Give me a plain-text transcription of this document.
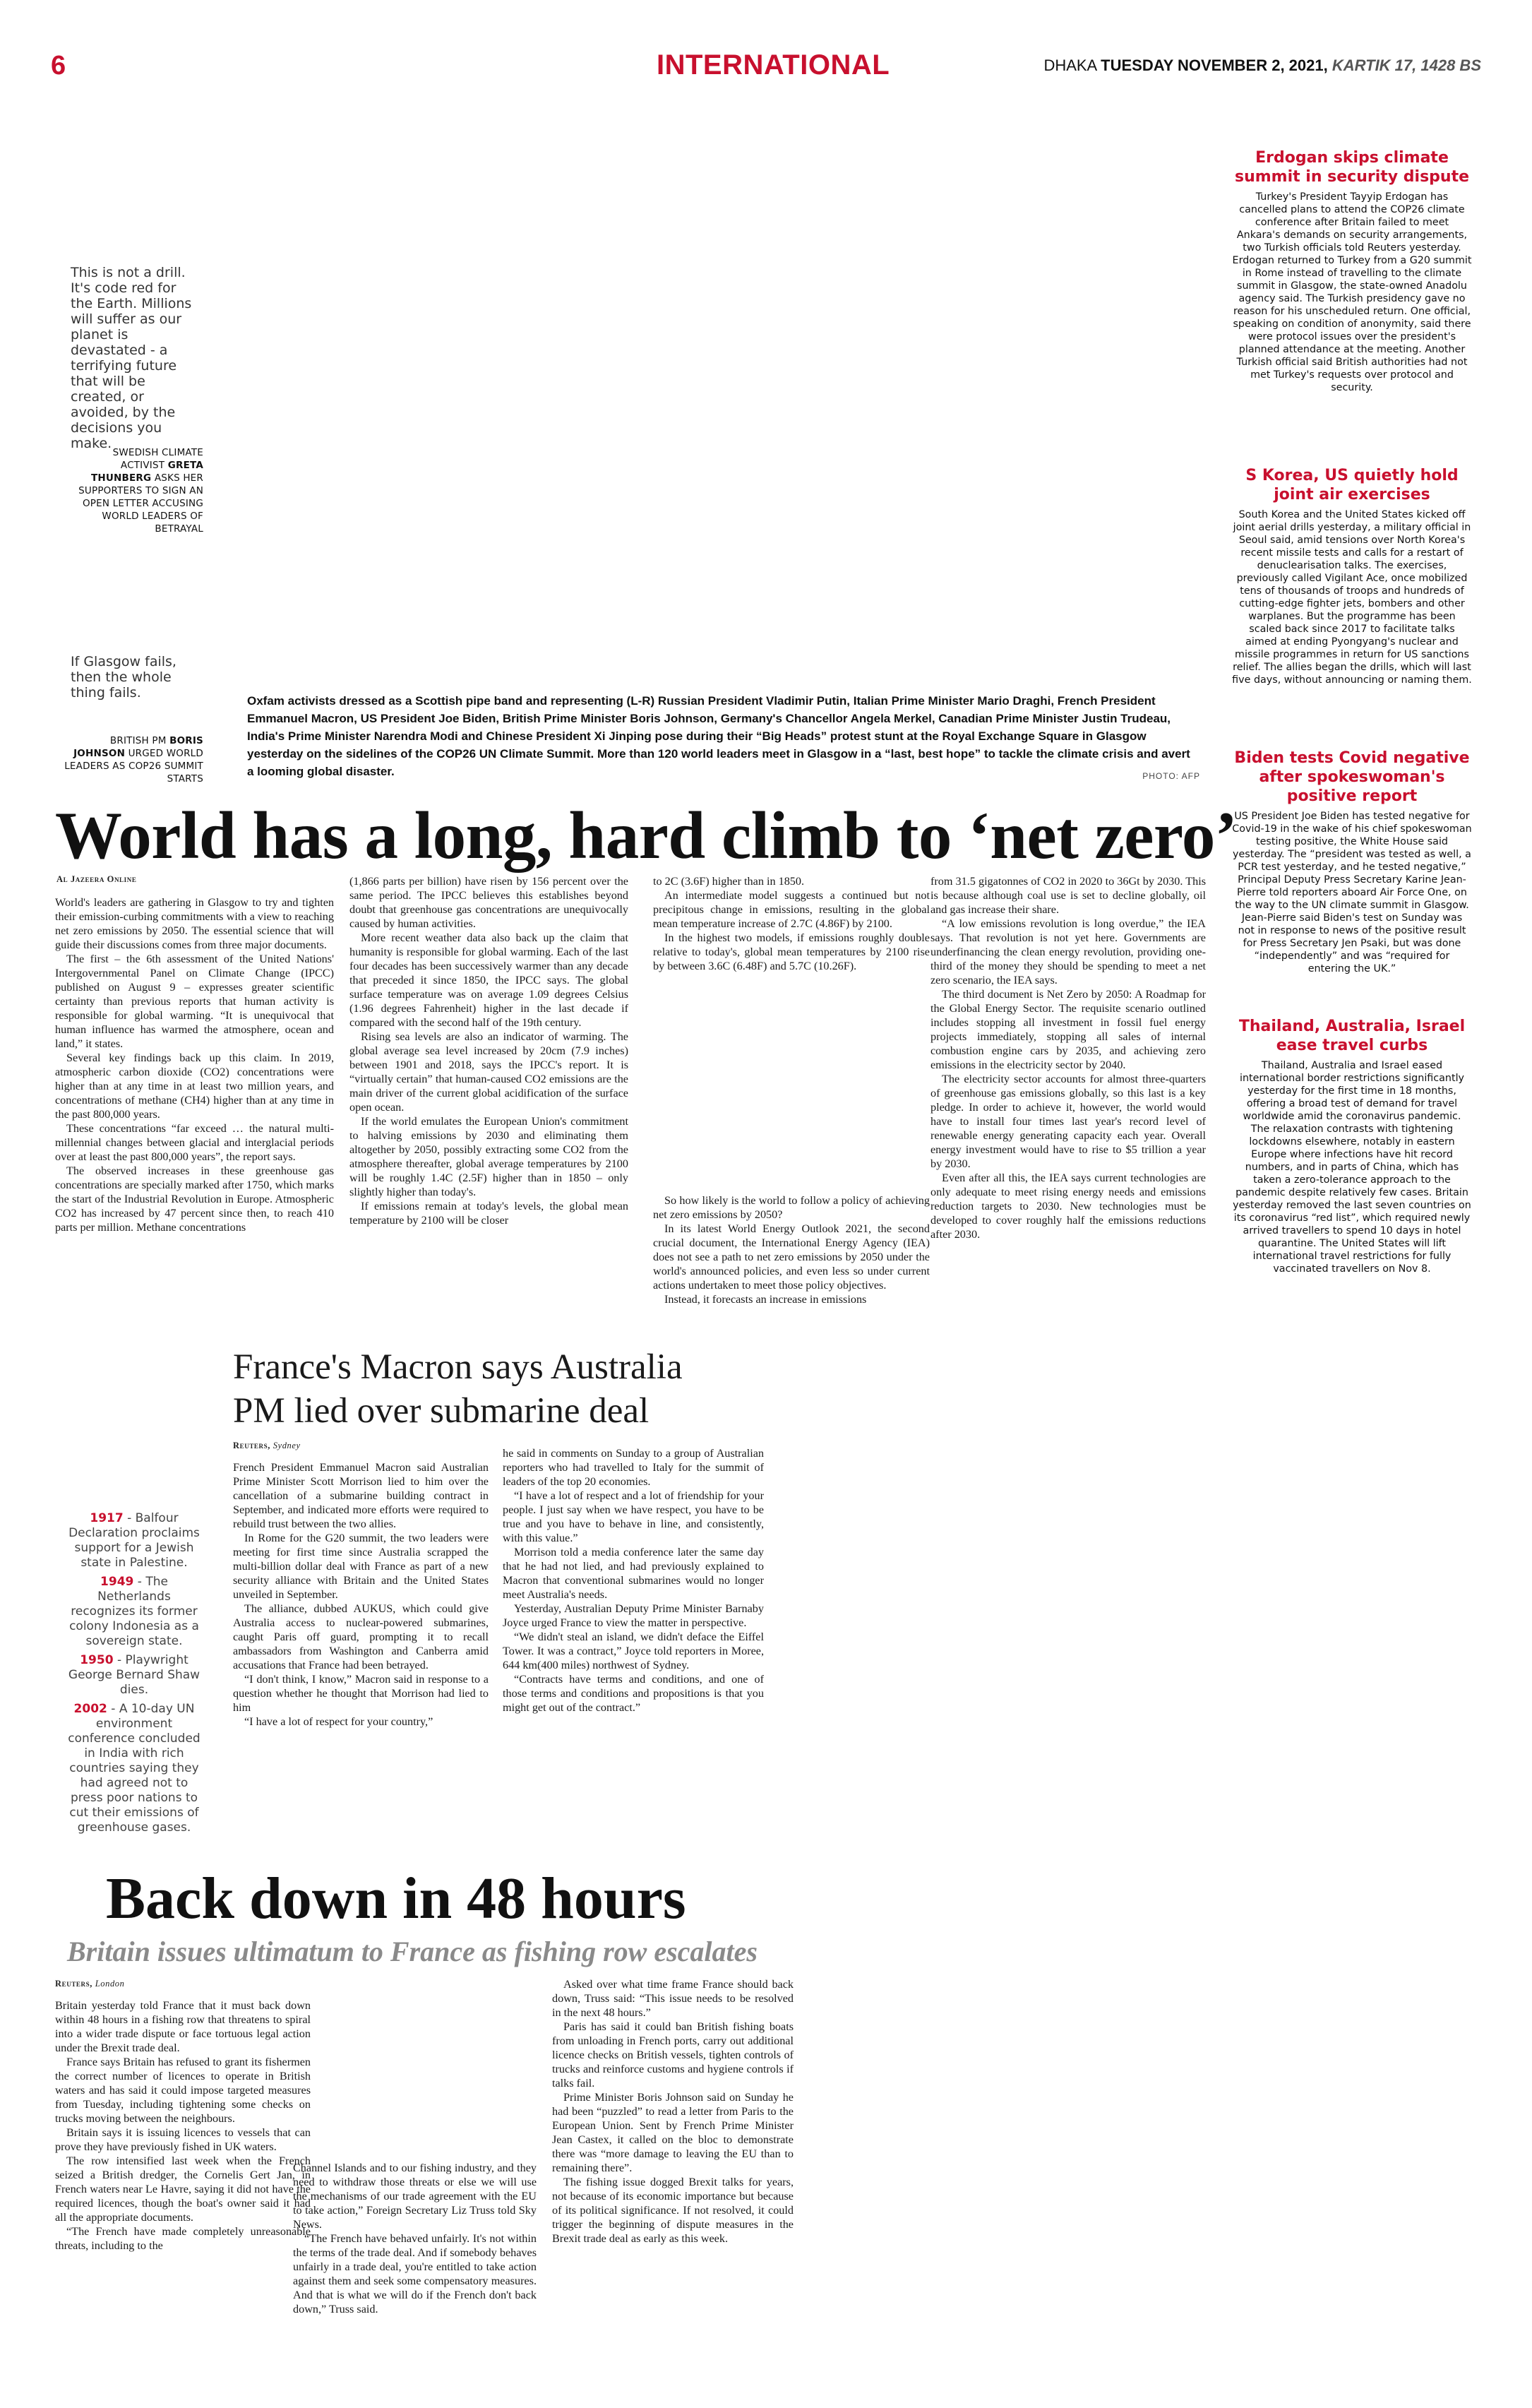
6	INTERNATIONAL	DHAKA TUESDAY NOVEMBER 2, 2021, KARTIK 17, 1428 BS
This is not a drill. It's code red for the Earth. Millions will suffer as our planet is devastated - a terrifying future that will be created, or avoided, by the decisions you make.
SWEDISH CLIMATE ACTIVIST GRETA THUNBERG ASKS HER SUPPORTERS TO SIGN AN OPEN LETTER ACCUSING WORLD LEADERS OF BETRAYAL
If Glasgow fails, then the whole thing fails.
BRITISH PM BORIS JOHNSON URGED WORLD LEADERS AS COP26 SUMMIT STARTS
Oxfam activists dressed as a Scottish pipe band and representing (L-R) Russian President Vladimir Putin, Italian Prime Minister Mario Draghi, French President Emmanuel Macron, US President Joe Biden, British Prime Minister Boris Johnson, Germany's Chancellor Angela Merkel, Canadian Prime Minister Justin Trudeau, India's Prime Minister Narendra Modi and Chinese President Xi Jinping pose during their “Big Heads” protest stunt at the Royal Exchange Square in Glasgow yesterday on the sidelines of the COP26 UN Climate Summit. More than 120 world leaders meet in Glasgow in a “last, best hope” to tackle the climate crisis and avert a looming global disaster.	PHOTO: AFP
World has a long, hard climb to ‘net zero’
Al Jazeera Online

World's leaders are gathering in Glasgow to try and tighten their emission-curbing commitments with a view to reaching net zero emissions by 2050. The essential science that will guide their discussions comes from three major documents.

The first – the 6th assessment of the United Nations' Intergovernmental Panel on Climate Change (IPCC) published on August 9 – expresses greater scientific certainty than previous reports that human activity is responsible for global warming. “It is unequivocal that human influence has warmed the atmosphere, ocean and land,” it states.

Several key findings back up this claim. In 2019, atmospheric carbon dioxide (CO2) concentrations were higher than at any time in at least two million years, and concentrations of methane (CH4) higher than at any time in the past 800,000 years.

These concentrations “far exceed … the natural multi-millennial changes between glacial and interglacial periods over at least the past 800,000 years”, the report says.

The observed increases in these greenhouse gas concentrations are specially marked after 1750, which marks the start of the Industrial Revolution in Europe. Atmospheric CO2 has increased by 47 percent since then, to reach 410 parts per million. Methane concentrations

(1,866 parts per billion) have risen by 156 percent over the same period. The IPCC believes this establishes beyond doubt that greenhouse gas concentrations are unequivocally caused by human activities.

More recent weather data also back up the claim that humanity is responsible for global warming. Each of the last four decades has been successively warmer than any decade that preceded it since 1850, the IPCC says. The global surface temperature was on average 1.09 degrees Celsius (1.96 degrees Fahrenheit) higher in the last decade if compared with the second half of the 19th century.

Rising sea levels are also an indicator of warming. The global average sea level increased by 20cm (7.9 inches) between 1901 and 2018, says the IPCC's report. It is “virtually certain” that human-caused CO2 emissions are the main driver of the current global acidification of the surface open ocean.

If the world emulates the European Union's commitment to halving emissions by 2030 and eliminating them altogether by 2050, possibly extracting some CO2 from the atmosphere thereafter, global average temperatures by 2100 will be roughly 1.4C (2.5F) higher than in 1850 – only slightly higher than today's.

If emissions remain at today's levels, the global mean temperature by 2100 will be closer

to 2C (3.6F) higher than in 1850.

An intermediate model suggests a continued but not precipitous change in emissions, resulting in the global mean temperature increase of 2.7C (4.86F) by 2100.

In the highest two models, if emissions roughly double relative to today's, global mean temperatures by 2100 rise by between 3.6C (6.48F) and 5.7C (10.26F).

So how likely is the world to follow a policy of achieving net zero emissions by 2050?

In its latest World Energy Outlook 2021, the second crucial document, the International Energy Agency (IEA) does not see a path to net zero emissions by 2050 under the world's announced policies, and even less so under current actions undertaken to meet those policy objectives.

Instead, it forecasts an increase in emissions

from 31.5 gigatonnes of CO2 in 2020 to 36Gt by 2030. This is because although coal use is set to decline globally, oil and gas increase their share.

“A low emissions revolution is long overdue,” the IEA says. That revolution is not yet here. Governments are underfinancing the clean energy revolution, providing one-third of the money they should be spending to meet a net zero scenario, the IEA says.

The third document is Net Zero by 2050: A Roadmap for the Global Energy Sector. The requisite scenario outlined includes stopping all investment in fossil fuel energy projects immediately, stopping all sales of internal combustion engine cars by 2035, and achieving zero emissions in the electricity sector by 2040.

The electricity sector accounts for almost three-quarters of greenhouse gas emissions globally, so this last is a key pledge. In order to achieve it, however, the world would have to install four times last year's record level of renewable energy generating capacity each year. Overall energy investment would have to rise to $5 trillion a year by 2030.

Even after all this, the IEA says current technologies are only adequate to meet rising energy needs and emissions reduction targets to 2030. New technologies must be developed to cover roughly half the emissions reductions after 2030.

Erdogan skips climate summit in security dispute
Turkey's President Tayyip Erdogan has cancelled plans to attend the COP26 climate conference after Britain failed to meet Ankara's demands on security arrangements, two Turkish officials told Reuters yesterday. Erdogan returned to Turkey from a G20 summit in Rome instead of travelling to the climate summit in Glasgow, the state-owned Anadolu agency said. The Turkish presidency gave no reason for his unscheduled return. One official, speaking on condition of anonymity, said there were protocol issues over the president's planned attendance at the meeting. Another Turkish official said British authorities had not met Turkey's requests over protocol and security.
S Korea, US quietly hold joint air exercises
South Korea and the United States kicked off joint aerial drills yesterday, a military official in Seoul said, amid tensions over North Korea's recent missile tests and calls for a restart of denuclearisation talks. The exercises, previously called Vigilant Ace, once mobilized tens of thousands of troops and hundreds of cutting-edge fighter jets, bombers and other warplanes. But the programme has been scaled back since 2017 to facilitate talks aimed at ending Pyongyang's nuclear and missile programmes in return for US sanctions relief. The allies began the drills, which will last five days, without announcing or naming them.
Biden tests Covid negative after spokeswoman's positive report
US President Joe Biden has tested negative for Covid-19 in the wake of his chief spokeswoman testing positive, the White House said yesterday. The “president was tested as well, a PCR test yesterday, and he tested negative,” Principal Deputy Press Secretary Karine Jean-Pierre told reporters aboard Air Force One, on the way to the UN climate summit in Glasgow. Jean-Pierre said Biden's test on Sunday was not in response to news of the positive result for Press Secretary Jen Psaki, but was done “independently” and was “required for entering the UK.”
Thailand, Australia, Israel ease travel curbs
Thailand, Australia and Israel eased international border restrictions significantly yesterday for the first time in 18 months, offering a broad test of demand for travel worldwide amid the coronavirus pandemic. The relaxation contrasts with tightening lockdowns elsewhere, notably in eastern Europe where infections have hit record numbers, and in parts of China, which has taken a zero-tolerance approach to the pandemic despite relatively few cases. Britain yesterday removed the last seven countries on its coronavirus “red list”, which required newly arrived travellers to spend 10 days in hotel quarantine. The United States will lift international travel restrictions for fully vaccinated travellers on Nov 8.
France's Macron says Australia
PM lied over submarine deal
Reuters, Sydney

French President Emmanuel Macron said Australian Prime Minister Scott Morrison lied to him over the cancellation of a submarine building contract in September, and indicated more efforts were required to rebuild trust between the two allies.

In Rome for the G20 summit, the two leaders were meeting for first time since Australia scrapped the multi-billion dollar deal with France as part of a new security alliance with Britain and the United States unveiled in September.

The alliance, dubbed AUKUS, which could give Australia access to nuclear-powered submarines, caught Paris off guard, prompting it to recall ambassadors from Washington and Canberra amid accusations that France had been betrayed.

“I don't think, I know,” Macron said in response to a question whether he thought that Morrison had lied to him

“I have a lot of respect for your country,”

he said in comments on Sunday to a group of Australian reporters who had travelled to Italy for the summit of leaders of the top 20 economies.

“I have a lot of respect and a lot of friendship for your people. I just say when we have respect, you have to be true and you have to behave in line, and consistently, with this value.”

Morrison told a media conference later the same day that he had not lied, and had previously explained to Macron that conventional submarines would no longer meet Australia's needs.

Yesterday, Australian Deputy Prime Minister Barnaby Joyce urged France to view the matter in perspective.

“We didn't steal an island, we didn't deface the Eiffel Tower. It was a contract,” Joyce told reporters in Moree, 644 km(400 miles) northwest of Sydney.

“Contracts have terms and conditions, and one of those terms and conditions and propositions is that you might get out of the contract.”

1917 - Balfour Declaration proclaims support for a Jewish state in Palestine.
1949 - The Netherlands recognizes its former colony Indonesia as a sovereign state.
1950 - Playwright George Bernard Shaw dies.
2002 - A 10-day UN environment conference concluded in India with rich countries saying they had agreed not to press poor nations to cut their emissions of greenhouse gases.
Back down in 48 hours
Britain issues ultimatum to France as fishing row escalates
Reuters, London

Britain yesterday told France that it must back down within 48 hours in a fishing row that threatens to spiral into a wider trade dispute or face tortuous legal action under the Brexit trade deal.

France says Britain has refused to grant its fishermen the correct number of licences to operate in British waters and has said it could impose targeted measures from Tuesday, including tightening some checks on trucks moving between the neighbours.

Britain says it is issuing licences to vessels that can prove they have previously fished in UK waters.

The row intensified last week when the French seized a British dredger, the Cornelis Gert Jan, in French waters near Le Havre, saying it did not have the required licences, though the boat's owner said it had all the appropriate documents.

“The French have made completely unreasonable threats, including to the

Channel Islands and to our fishing industry, and they need to withdraw those threats or else we will use the mechanisms of our trade agreement with the EU to take action,” Foreign Secretary Liz Truss told Sky News.

“The French have behaved unfairly. It's not within the terms of the trade deal. And if somebody behaves unfairly in a trade deal, you're entitled to take action against them and seek some compensatory measures. And that is what we will do if the French don't back down,” Truss said.

Asked over what time frame France should back down, Truss said: “This issue needs to be resolved in the next 48 hours.”

Paris has said it could ban British fishing boats from unloading in French ports, carry out additional licence checks on British vessels, tighten controls of trucks and reinforce customs and hygiene controls if talks fail.

Prime Minister Boris Johnson said on Sunday he had been “puzzled” to read a letter from Paris to the European Union. Sent by French Prime Minister Jean Castex, it called on the bloc to demonstrate there was “more damage to leaving the EU than to remaining there”.

The fishing issue dogged Brexit talks for years, not because of its economic importance but because of its political significance. If not resolved, it could trigger the beginning of dispute measures in the Brexit trade deal as early as this week.
